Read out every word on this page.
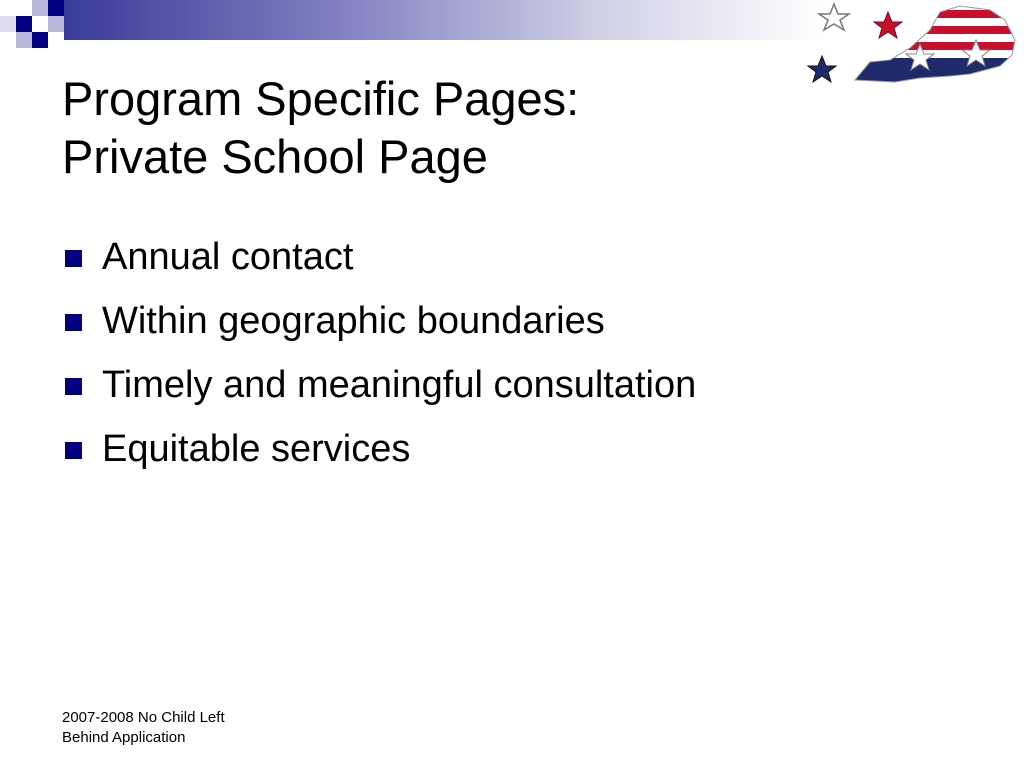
Program Specific Pages:
Private School Page
Annual contact
Within geographic boundaries
Timely and meaningful consultation
Equitable services
2007-2008 No Child Left
Behind Application
